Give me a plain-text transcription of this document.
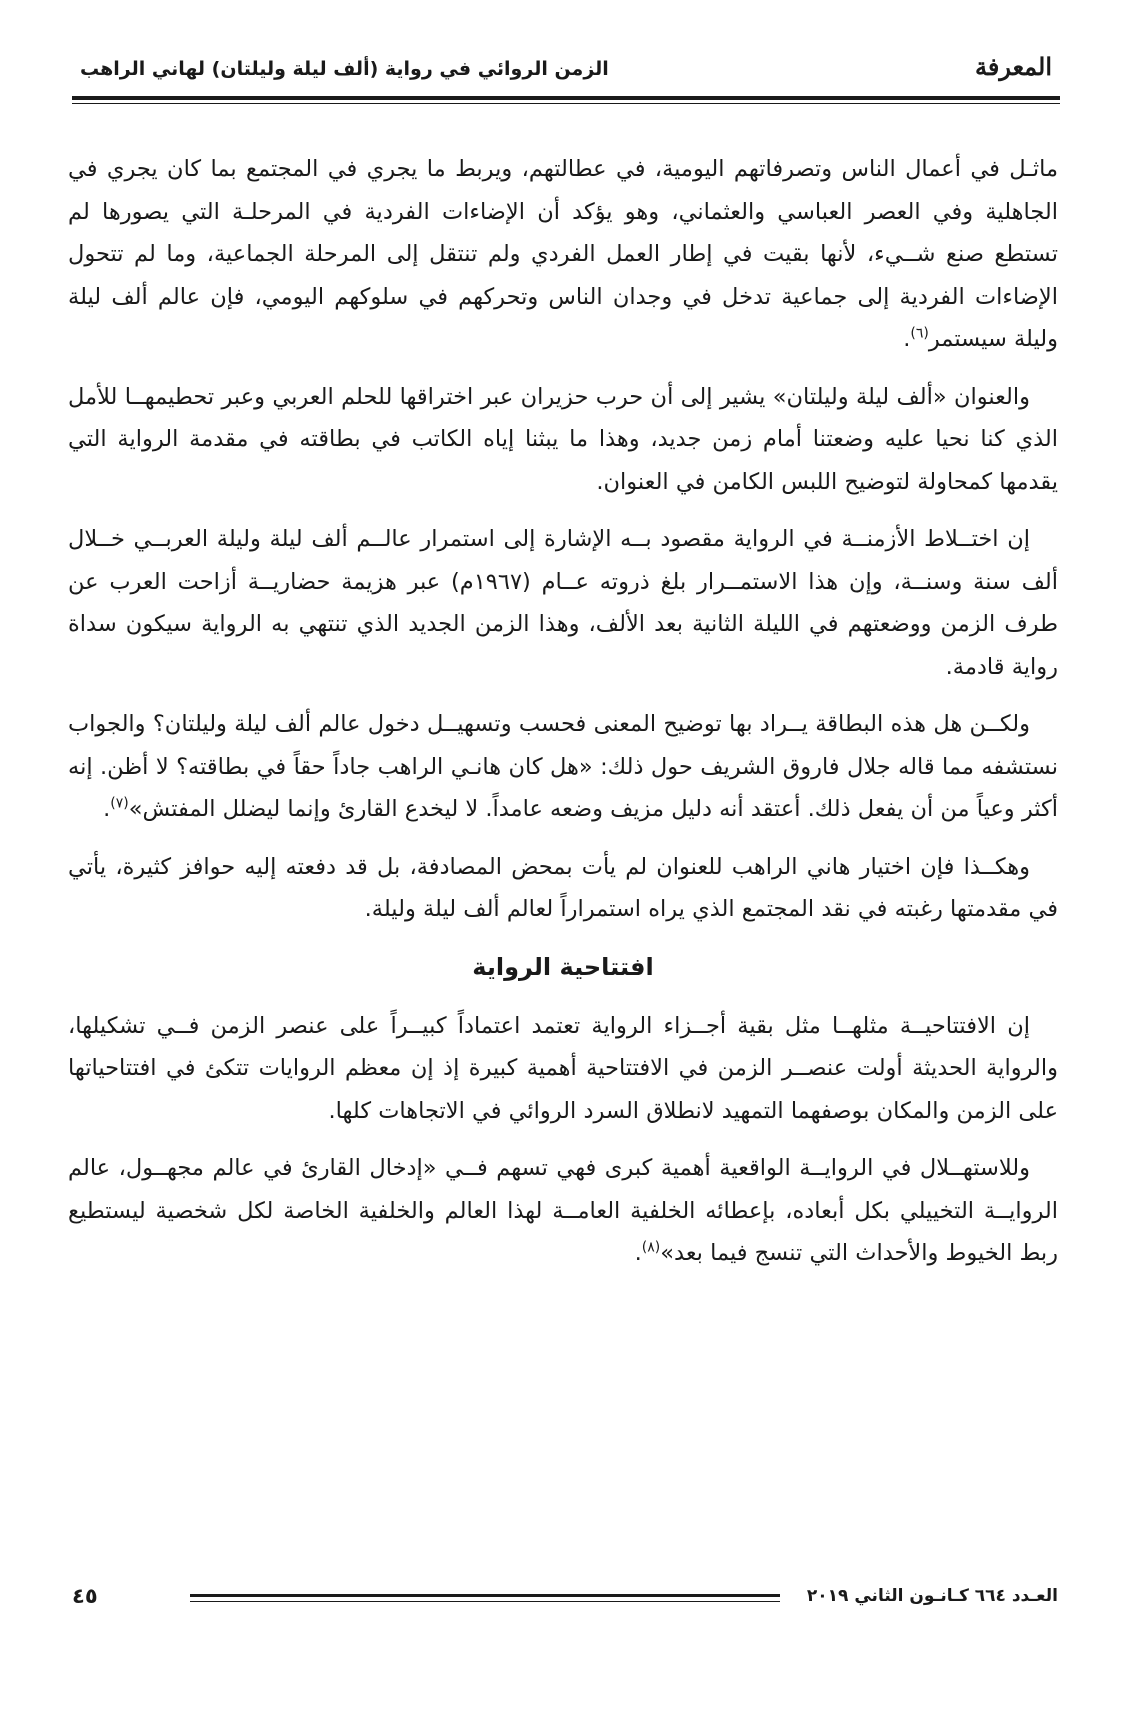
المعرفة
الزمن الروائي في رواية (ألف ليلة وليلتان) لهاني الراهب

ماثـل في أعمال الناس وتصرفاتهم اليومية، في عطالتهم، ويربط ما يجري في المجتمع بما كان يجري في الجاهلية وفي العصر العباسي والعثماني، وهو يؤكد أن الإضاءات الفردية في المرحلـة التي يصورها لم تستطع صنع شــيء، لأنها بقيت في إطار العمل الفردي ولم تنتقل إلى المرحلة الجماعية، وما لم تتحول الإضاءات الفردية إلى جماعية تدخل في وجدان الناس وتحركهم في سلوكهم اليومي، فإن عالم ألف ليلة وليلة سيستمر$^{(٦)}$.

والعنوان «ألف ليلة وليلتان» يشير إلى أن حرب حزيران عبر اختراقها للحلم العربي وعبر تحطيمهــا للأمل الذي كنا نحيا عليه وضعتنا أمام زمن جديد، وهذا ما يبثنا إياه الكاتب في بطاقته في مقدمة الرواية التي يقدمها كمحاولة لتوضيح اللبس الكامن في العنوان.

إن اختــلاط الأزمنــة في الرواية مقصود بــه الإشارة إلى استمرار عالــم ألف ليلة وليلة العربــي خــلال ألف سنة وسنــة، وإن هذا الاستمــرار بلغ ذروته عــام (١٩٦٧م) عبر هزيمة حضاريــة أزاحت العرب عن طرف الزمن ووضعتهم في الليلة الثانية بعد الألف، وهذا الزمن الجديد الذي تنتهي به الرواية سيكون سداة رواية قادمة.

ولكــن هل هذه البطاقة يــراد بها توضيح المعنى فحسب وتسهيــل دخول عالم ألف ليلة وليلتان؟ والجواب نستشفه مما قاله جلال فاروق الشريف حول ذلك: «هل كان هانـي الراهب جاداً حقاً في بطاقته؟ لا أظن. إنه أكثر وعياً من أن يفعل ذلك. أعتقد أنه دليل مزيف وضعه عامداً. لا ليخدع القارئ وإنما ليضلل المفتش»$^{(٧)}$.

وهكــذا فإن اختيار هاني الراهب للعنوان لم يأت بمحض المصادفة، بل قد دفعته إليه حوافز كثيرة، يأتي في مقدمتها رغبته في نقد المجتمع الذي يراه استمراراً لعالم ألف ليلة وليلة.

افتتاحية الرواية

إن الافتتاحيــة مثلهــا مثل بقية أجــزاء الرواية تعتمد اعتماداً كبيــراً على عنصر الزمن فــي تشكيلها، والرواية الحديثة أولت عنصــر الزمن في الافتتاحية أهمية كبيرة إذ إن معظم الروايات تتكئ في افتتاحياتها على الزمن والمكان بوصفهما التمهيد لانطلاق السرد الروائي في الاتجاهات كلها.

وللاستهــلال في الروايــة الواقعية أهمية كبرى فهي تسهم فــي «إدخال القارئ في عالم مجهــول، عالم الروايــة التخييلي بكل أبعاده، بإعطائه الخلفية العامــة لهذا العالم والخلفية الخاصة لكل شخصية ليستطيع ربط الخيوط والأحداث التي تنسج فيما بعد»$^{(٨)}$.

٤٥	العـدد ٦٦٤ كـانـون الثاني ٢٠١٩
